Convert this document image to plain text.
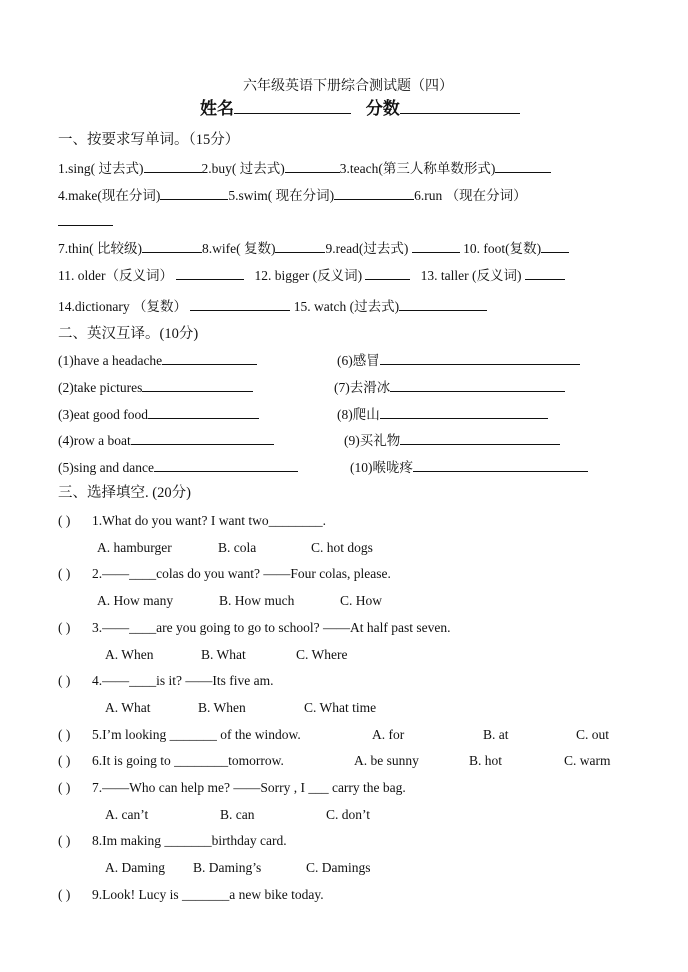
六年级英语下册综合测试题（四）
姓名	分数
一、按要求写单词。（15分）
1.sing( 过去式)	2.buy( 过去式)	3.teach(第三人称单数形式)
4.make(现在分词)	5.swim( 现在分词)	6.run （现在分词）
7.thin( 比较级)	8.wife( 复数)	9.read(过去式)	10. foot(复数)
11. older（反义词）	12. bigger (反义词)	13. taller (反义词)
14.dictionary （复数）	15. watch (过去式)
二、英汉互译。(10分)
(1)have a headache	(6)感冒
(2)take pictures	(7)去滑冰
(3)eat good food	(8)爬山
(4)row a boat	(9)买礼物
(5)sing and dance	(10)喉咙疼
三、选择填空. (20分)
( ) 1.What do you want? I want two________.
A. hamburger	B. cola	C. hot dogs
( ) 2.——____colas do you want? ——Four colas, please.
A. How many	B. How much	C. How
( ) 3.——____are you going to go to school? ——At half past seven.
A. When	B. What	C. Where
( ) 4.——____is it? ——Its five am.
A. What	B. When	C. What time
( ) 5.I’m looking _______ of the window.	A. for	B. at	C. out
( ) 6.It is going to ________tomorrow.	A. be sunny	B. hot	C. warm
( ) 7.——Who can help me? ——Sorry , I ___ carry the bag.
A. can’t	B. can	C. don’t
( ) 8.Im making _______birthday card.
A. Daming B. Daming’s	C. Damings
( ) 9.Look! Lucy is _______a new bike today.
